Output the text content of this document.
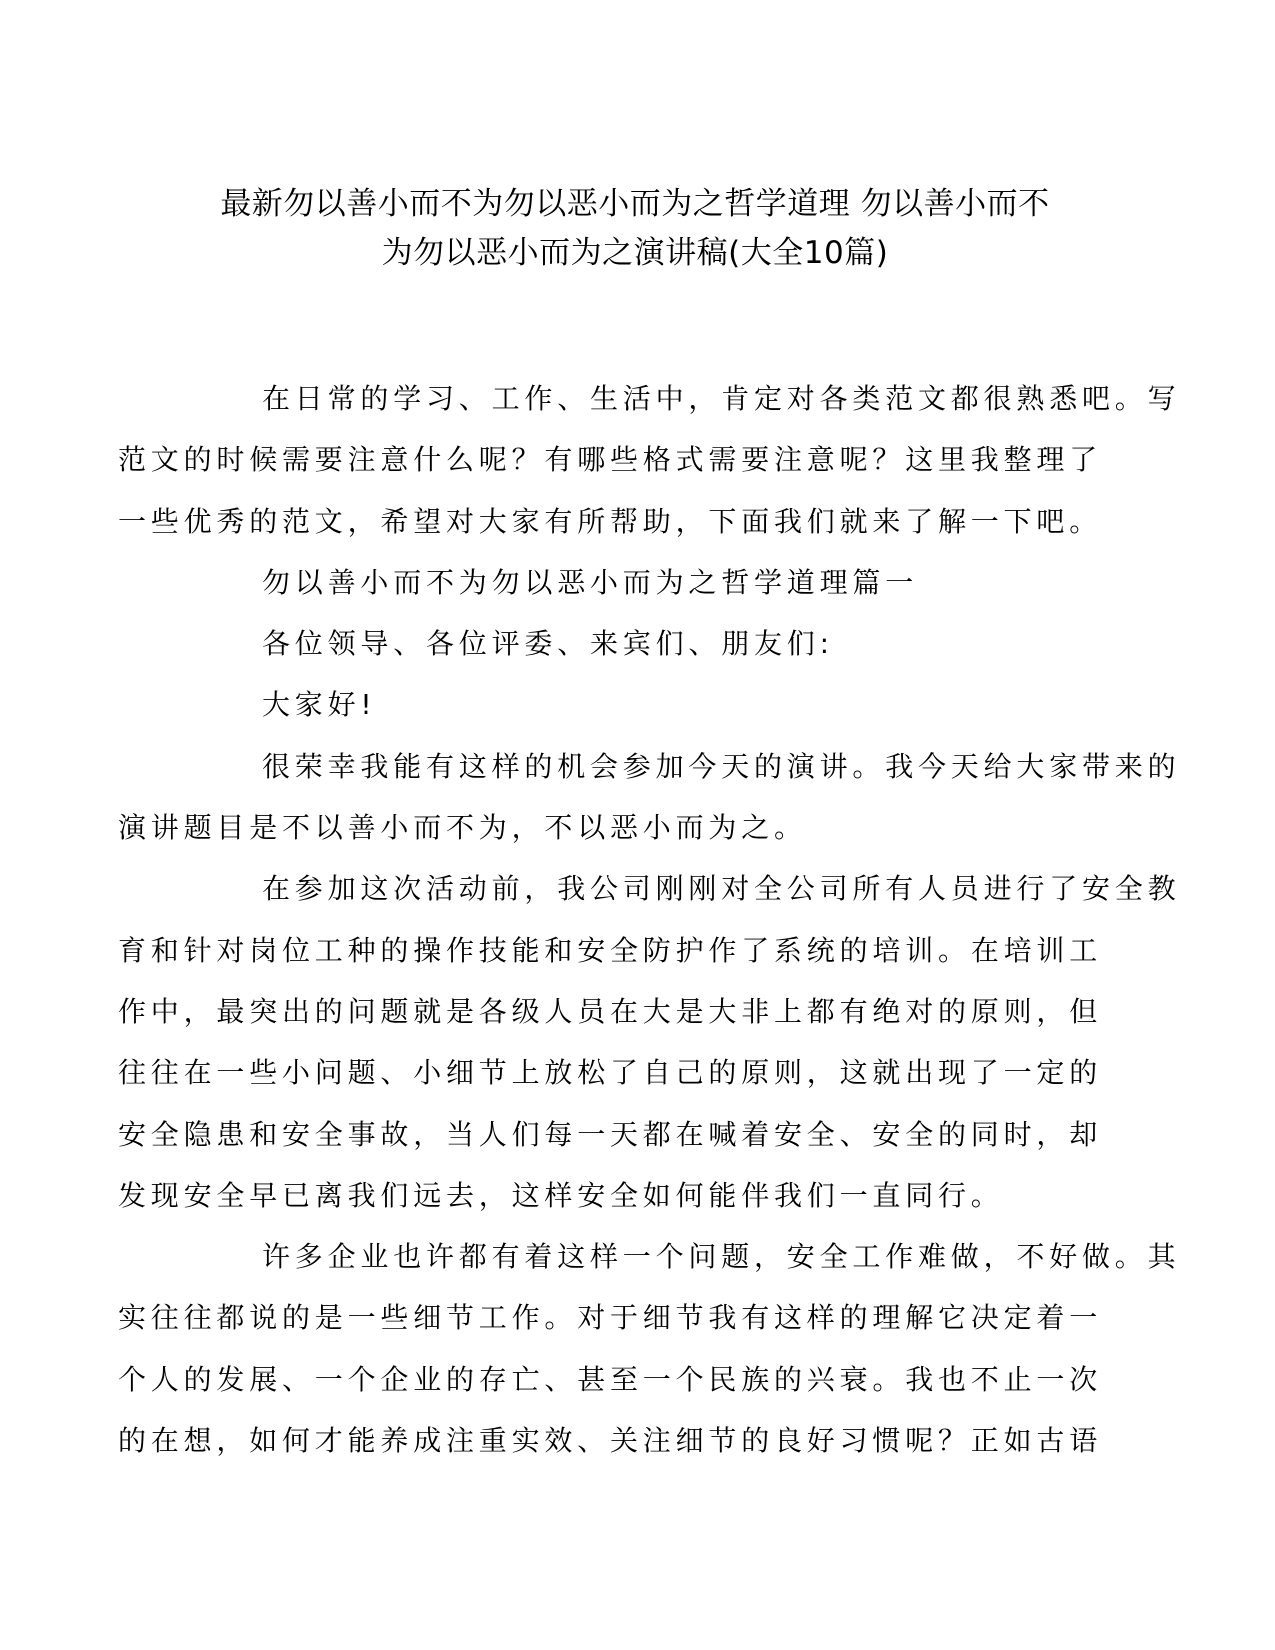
最新勿以善小而不为勿以恶小而为之哲学道理 勿以善小而不
为勿以恶小而为之演讲稿(大全10篇)

在日常的学习、工作、生活中，肯定对各类范文都很熟悉吧。写
范文的时候需要注意什么呢？有哪些格式需要注意呢？这里我整理了
一些优秀的范文，希望对大家有所帮助，下面我们就来了解一下吧。

勿以善小而不为勿以恶小而为之哲学道理篇一

各位领导、各位评委、来宾们、朋友们:

大家好!

很荣幸我能有这样的机会参加今天的演讲。我今天给大家带来的
演讲题目是不以善小而不为，不以恶小而为之。

在参加这次活动前，我公司刚刚对全公司所有人员进行了安全教
育和针对岗位工种的操作技能和安全防护作了系统的培训。在培训工
作中，最突出的问题就是各级人员在大是大非上都有绝对的原则，但
往往在一些小问题、小细节上放松了自己的原则，这就出现了一定的
安全隐患和安全事故，当人们每一天都在喊着安全、安全的同时，却
发现安全早已离我们远去，这样安全如何能伴我们一直同行。

许多企业也许都有着这样一个问题，安全工作难做，不好做。其
实往往都说的是一些细节工作。对于细节我有这样的理解它决定着一
个人的发展、一个企业的存亡、甚至一个民族的兴衰。我也不止一次
的在想，如何才能养成注重实效、关注细节的良好习惯呢？正如古语
